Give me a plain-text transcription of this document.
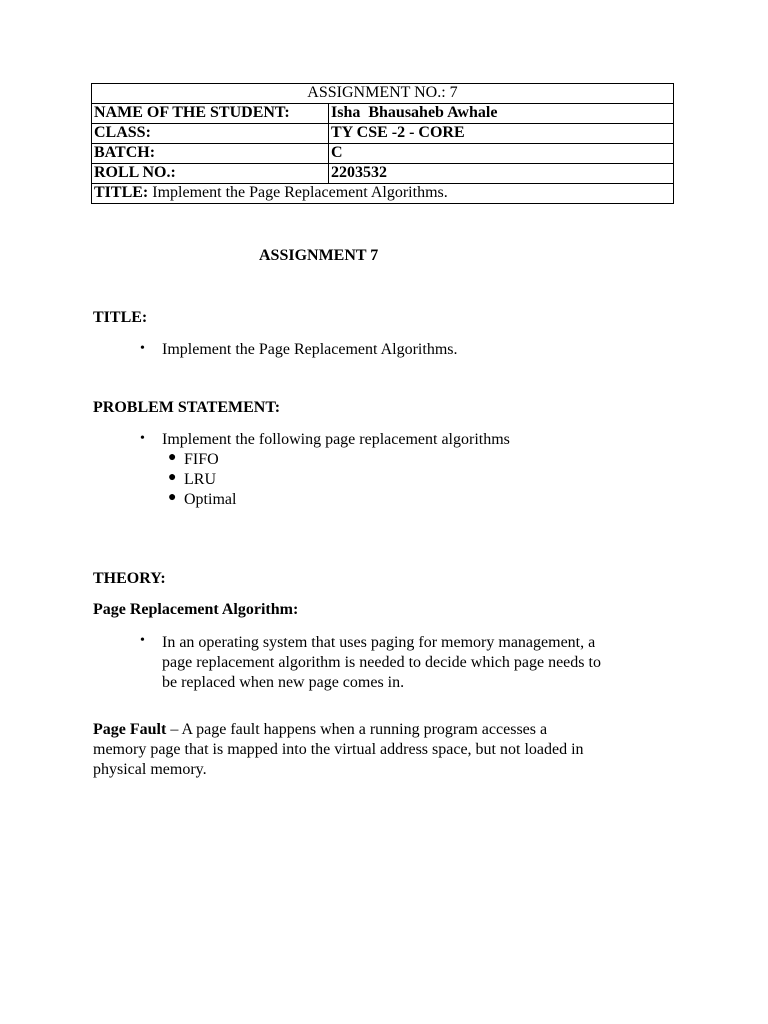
ASSIGNMENT NO.: 7	
NAME OF THE STUDENT:	Isha  Bhausaheb Awhale
CLASS:	TY CSE -2 - CORE
BATCH:	C
ROLL NO.:	2203532
TITLE: Implement the Page Replacement Algorithms.	
ASSIGNMENT 7
TITLE:
• Implement the Page Replacement Algorithms.
PROBLEM STATEMENT:
• Implement the following page replacement algorithms
● FIFO
● LRU
● Optimal
THEORY:
Page Replacement Algorithm:
• In an operating system that uses paging for memory management, a
page replacement algorithm is needed to decide which page needs to
be replaced when new page comes in.
Page Fault – A page fault happens when a running program accesses a
memory page that is mapped into the virtual address space, but not loaded in
physical memory.
